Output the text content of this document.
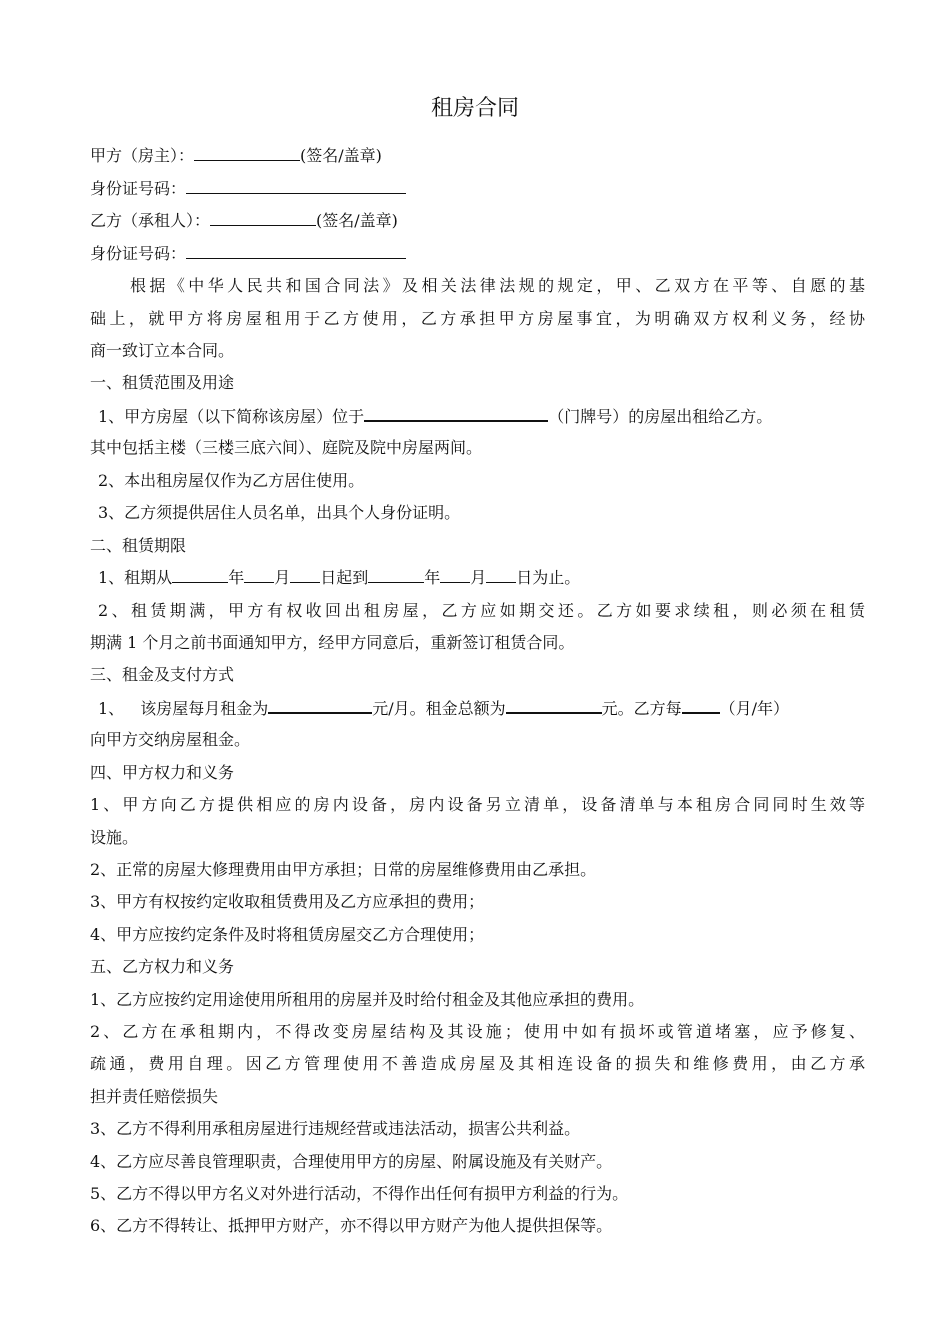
租房合同
甲方（房主）：	(签名/盖章)
身份证号码：
乙方（承租人）：	(签名/盖章)
身份证号码：
根据《中华人民共和国合同法》及相关法律法规的规定，甲、乙双方在平等、自愿的基
础上，就甲方将房屋租用于乙方使用，乙方承担甲方房屋事宜，为明确双方权利义务，经协
商一致订立本合同。
一、租赁范围及用途
1、甲方房屋（以下简称该房屋）位于	（门牌号）的房屋出租给乙方。
其中包括主楼（三楼三底六间）、庭院及院中房屋两间。
2、本出租房屋仅作为乙方居住使用。
3、乙方须提供居住人员名单，出具个人身份证明。
二、租赁期限
1、租期从	年 月 日起到	年 月 日为止。
2、租赁期满，甲方有权收回出租房屋，乙方应如期交还。乙方如要求续租，则必须在租赁
期满 1 个月之前书面通知甲方，经甲方同意后，重新签订租赁合同。
三、租金及支付方式
1、 该房屋每月租金为	元/月。租金总额为	元。乙方每 （月/年）
向甲方交纳房屋租金。
四、甲方权力和义务
1、甲方向乙方提供相应的房内设备，房内设备另立清单，设备清单与本租房合同同时生效等
设施。
2、正常的房屋大修理费用由甲方承担；日常的房屋维修费用由乙承担。
3、甲方有权按约定收取租赁费用及乙方应承担的费用；
4、甲方应按约定条件及时将租赁房屋交乙方合理使用；
五、乙方权力和义务
1、乙方应按约定用途使用所租用的房屋并及时给付租金及其他应承担的费用。
2、乙方在承租期内，不得改变房屋结构及其设施；使用中如有损坏或管道堵塞，应予修复、
疏通，费用自理。因乙方管理使用不善造成房屋及其相连设备的损失和维修费用，由乙方承
担并责任赔偿损失
3、乙方不得利用承租房屋进行违规经营或违法活动，损害公共利益。
4、乙方应尽善良管理职责，合理使用甲方的房屋、附属设施及有关财产。
5、乙方不得以甲方名义对外进行活动，不得作出任何有损甲方利益的行为。
6、乙方不得转让、抵押甲方财产，亦不得以甲方财产为他人提供担保等。
